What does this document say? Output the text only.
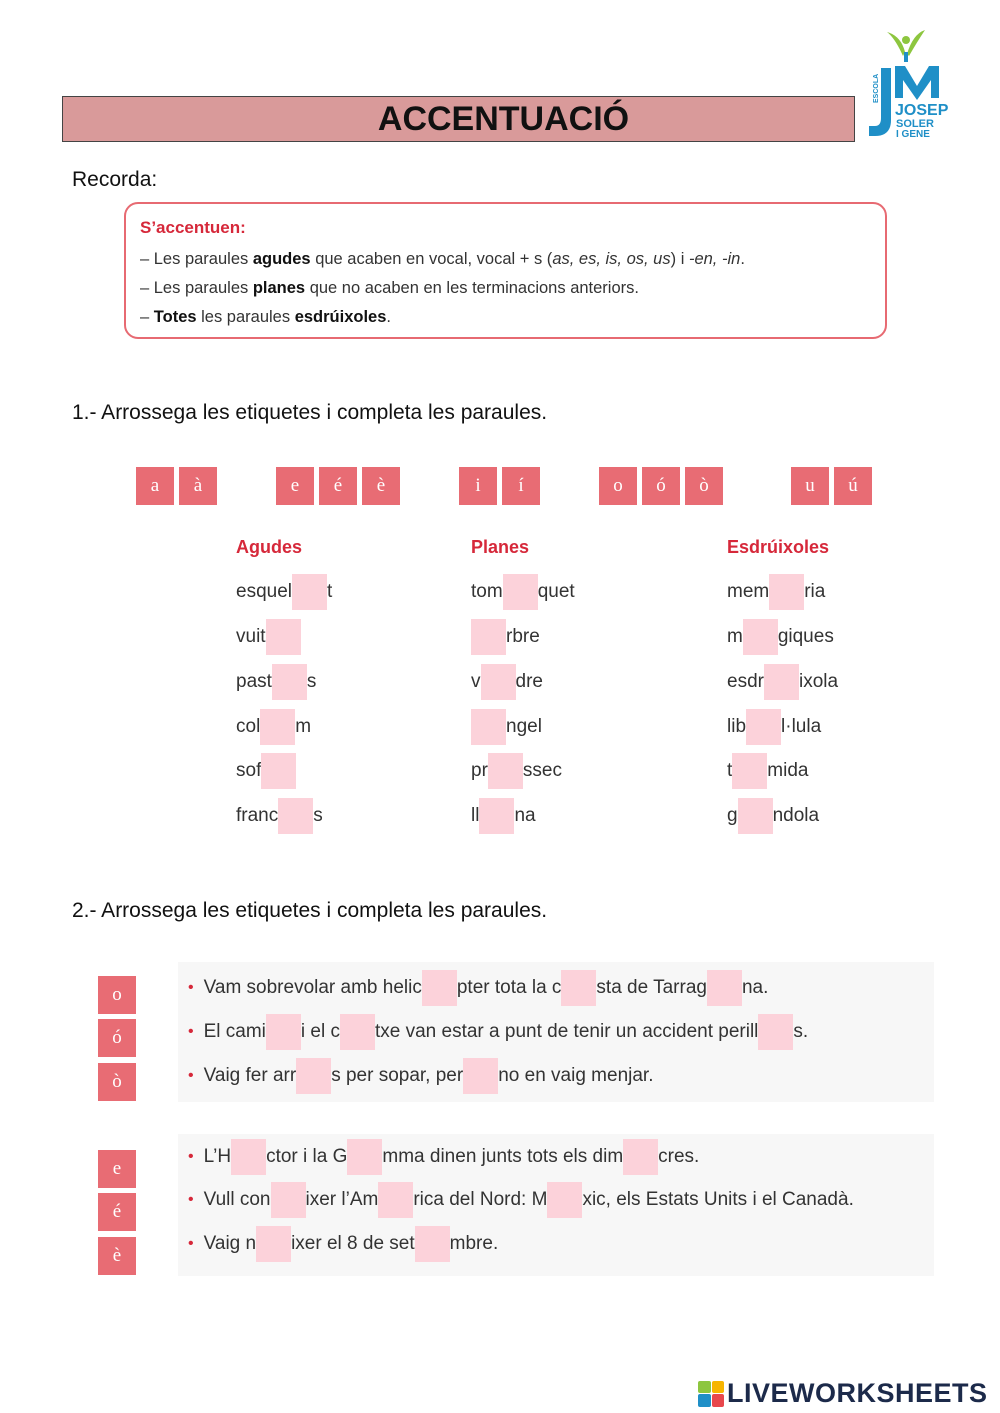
ACCENTUACIÓ
ESCOLA
JOSEP
SOLER
I GENE
Recorda:
S’accentuen:
– Les paraules agudes que acaben en vocal, vocal + s (as, es, is, os, us) i -en, -in.
– Les paraules planes que no acaben en les terminacions anteriors.
– Totes les paraules esdrúixoles.
1.- Arrossega les etiquetes i completa les paraules.
a	à	e	é	è	i	í	o	ó	ò	u	ú
Agudes
esquel t
vuit
past s
col m
sof
franc s
Planes
tom quet
rbre
v dre
ngel
pr ssec
ll na
Esdrúixoles
mem ria
m giques
esdr ixola
lib l·lula
t mida
g ndola
2.- Arrossega les etiquetes i completa les paraules.
o
ó
ò
e
é
è
• Vam sobrevolar amb helic pter tota la c sta de Tarrag na.
• El cami i el c txe van estar a punt de tenir un accident perill s.
• Vaig fer arr s per sopar, per no en vaig menjar.
• L’H ctor i la G mma dinen junts tots els dim cres.
• Vull con ixer l’Am rica del Nord: M xic, els Estats Units i el Canadà.
• Vaig n ixer el 8 de set mbre.
LIVEWORKSHEETS
